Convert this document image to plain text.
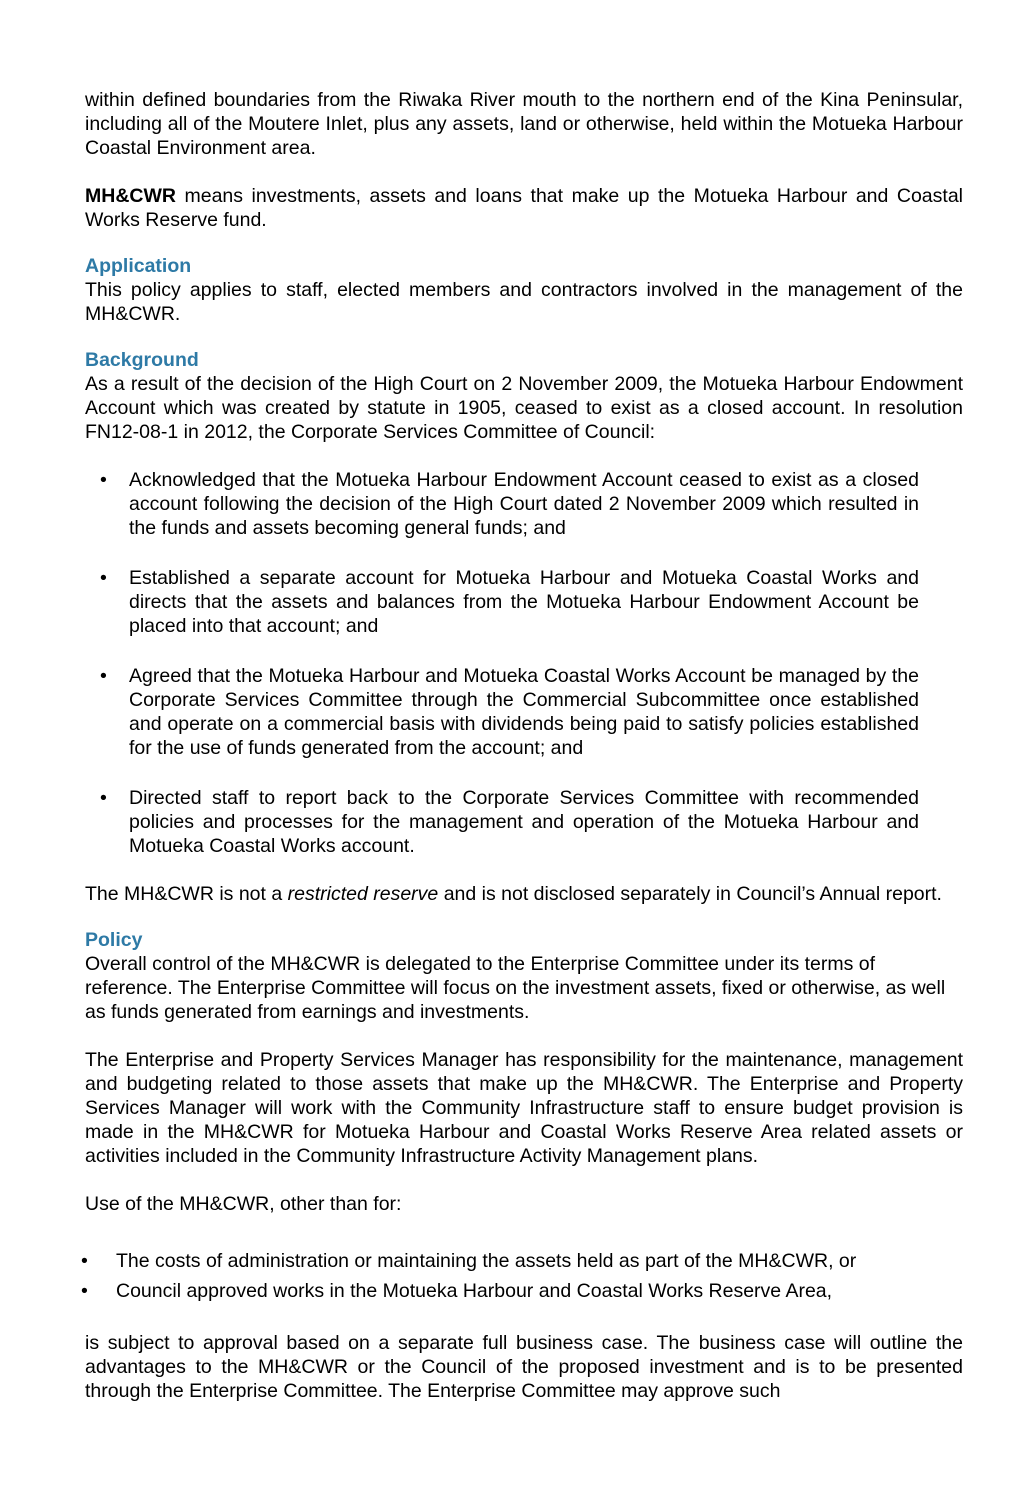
within defined boundaries from the Riwaka River mouth to the northern end of the Kina Peninsular, including all of the Moutere Inlet, plus any assets, land or otherwise, held within the Motueka Harbour Coastal Environment area.

MH&CWR means investments, assets and loans that make up the Motueka Harbour and Coastal Works Reserve fund.

Application

This policy applies to staff, elected members and contractors involved in the management of the MH&CWR.

Background

As a result of the decision of the High Court on 2 November 2009, the Motueka Harbour Endowment Account which was created by statute in 1905, ceased to exist as a closed account. In resolution FN12-08-1 in 2012, the Corporate Services Committee of Council:

• Acknowledged that the Motueka Harbour Endowment Account ceased to exist as a closed account following the decision of the High Court dated 2 November 2009 which resulted in the funds and assets becoming general funds; and
• Established a separate account for Motueka Harbour and Motueka Coastal Works and directs that the assets and balances from the Motueka Harbour Endowment Account be placed into that account; and
• Agreed that the Motueka Harbour and Motueka Coastal Works Account be managed by the Corporate Services Committee through the Commercial Subcommittee once established and operate on a commercial basis with dividends being paid to satisfy policies established for the use of funds generated from the account; and
• Directed staff to report back to the Corporate Services Committee with recommended policies and processes for the management and operation of the Motueka Harbour and Motueka Coastal Works account.

The MH&CWR is not a restricted reserve and is not disclosed separately in Council’s Annual report.

Policy

Overall control of the MH&CWR is delegated to the Enterprise Committee under its terms of reference. The Enterprise Committee will focus on the investment assets, fixed or otherwise, as well as funds generated from earnings and investments.

The Enterprise and Property Services Manager has responsibility for the maintenance, management and budgeting related to those assets that make up the MH&CWR. The Enterprise and Property Services Manager will work with the Community Infrastructure staff to ensure budget provision is made in the MH&CWR for Motueka Harbour and Coastal Works Reserve Area related assets or activities included in the Community Infrastructure Activity Management plans.

Use of the MH&CWR, other than for:

• The costs of administration or maintaining the assets held as part of the MH&CWR, or
• Council approved works in the Motueka Harbour and Coastal Works Reserve Area,

is subject to approval based on a separate full business case. The business case will outline the advantages to the MH&CWR or the Council of the proposed investment and is to be presented through the Enterprise Committee. The Enterprise Committee may approve such
